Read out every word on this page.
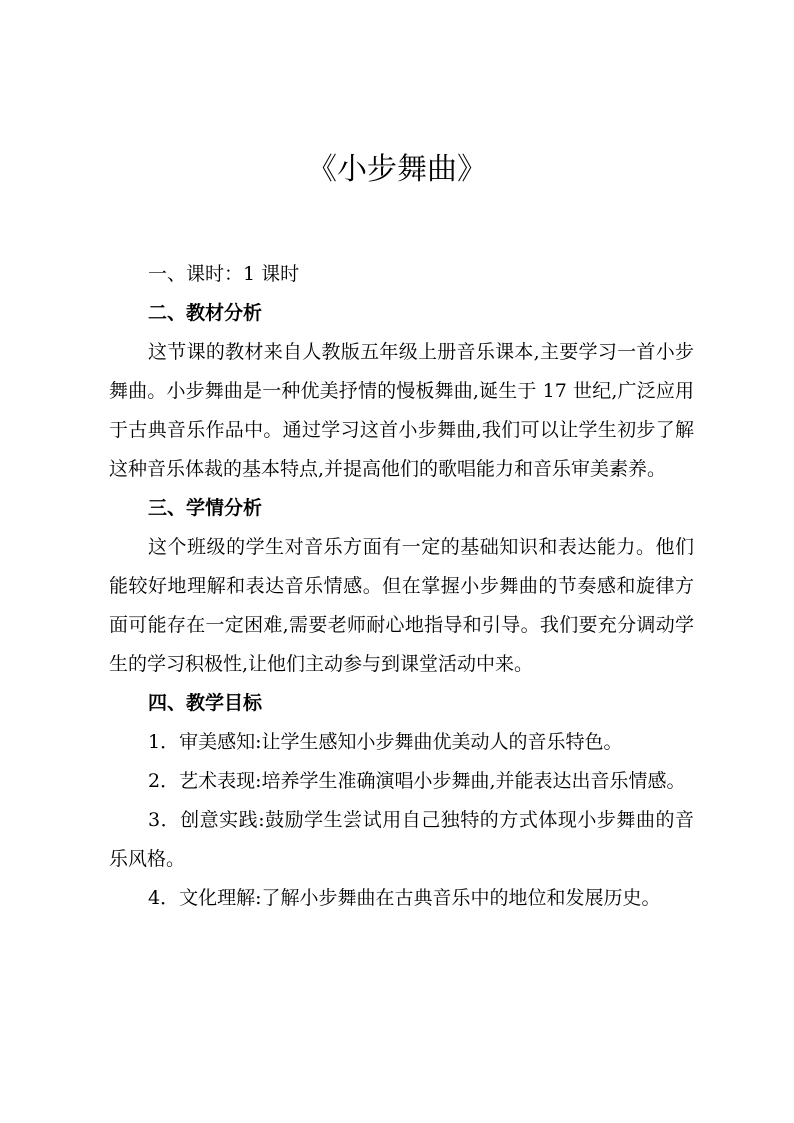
《小步舞曲》

一、课时：1 课时

二、教材分析

这节课的教材来自人教版五年级上册音乐课本,主要学习一首小步舞曲。小步舞曲是一种优美抒情的慢板舞曲,诞生于 17 世纪,广泛应用于古典音乐作品中。通过学习这首小步舞曲,我们可以让学生初步了解这种音乐体裁的基本特点,并提高他们的歌唱能力和音乐审美素养。

三、学情分析

这个班级的学生对音乐方面有一定的基础知识和表达能力。他们能较好地理解和表达音乐情感。但在掌握小步舞曲的节奏感和旋律方面可能存在一定困难,需要老师耐心地指导和引导。我们要充分调动学生的学习积极性,让他们主动参与到课堂活动中来。

四、教学目标

1．审美感知:让学生感知小步舞曲优美动人的音乐特色。

2．艺术表现:培养学生准确演唱小步舞曲,并能表达出音乐情感。

3．创意实践:鼓励学生尝试用自己独特的方式体现小步舞曲的音乐风格。

4．文化理解:了解小步舞曲在古典音乐中的地位和发展历史。
